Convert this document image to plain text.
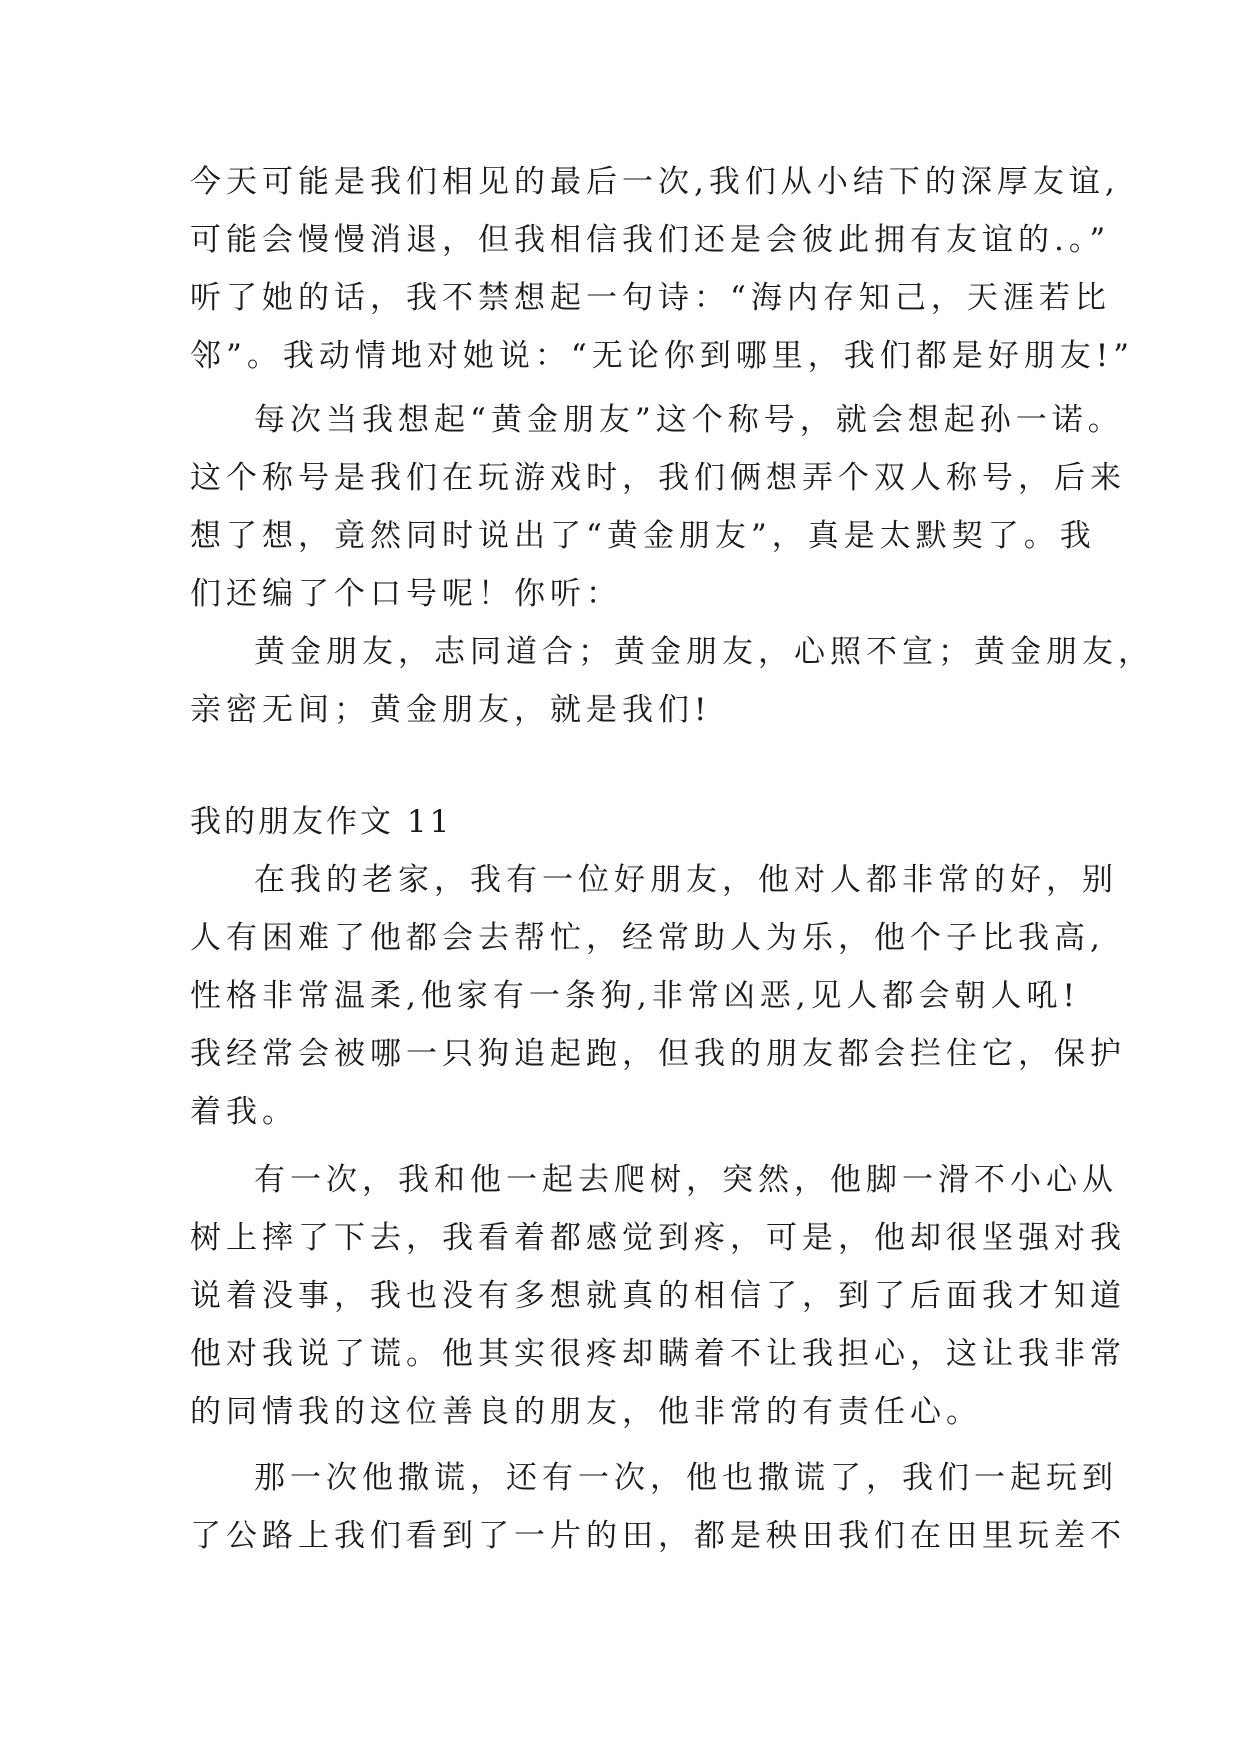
今天可能是我们相见的最后一次,我们从小结下的深厚友谊,
可能会慢慢消退，但我相信我们还是会彼此拥有友谊的.。”
听了她的话，我不禁想起一句诗：“海内存知己，天涯若比
邻”。我动情地对她说：“无论你到哪里，我们都是好朋友!”
每次当我想起“黄金朋友”这个称号，就会想起孙一诺。
这个称号是我们在玩游戏时，我们俩想弄个双人称号，后来
想了想，竟然同时说出了“黄金朋友”，真是太默契了。我
们还编了个口号呢！你听：
黄金朋友，志同道合；黄金朋友，心照不宣；黄金朋友，
亲密无间；黄金朋友，就是我们!
我的朋友作文 11
在我的老家，我有一位好朋友，他对人都非常的好，别
人有困难了他都会去帮忙，经常助人为乐，他个子比我高,
性格非常温柔,他家有一条狗,非常凶恶,见人都会朝人吼!
我经常会被哪一只狗追起跑，但我的朋友都会拦住它，保护
着我。
有一次，我和他一起去爬树，突然，他脚一滑不小心从
树上摔了下去，我看着都感觉到疼，可是，他却很坚强对我
说着没事，我也没有多想就真的相信了，到了后面我才知道
他对我说了谎。他其实很疼却瞒着不让我担心，这让我非常
的同情我的这位善良的朋友，他非常的有责任心。
那一次他撒谎，还有一次，他也撒谎了，我们一起玩到
了公路上我们看到了一片的田，都是秧田我们在田里玩差不
